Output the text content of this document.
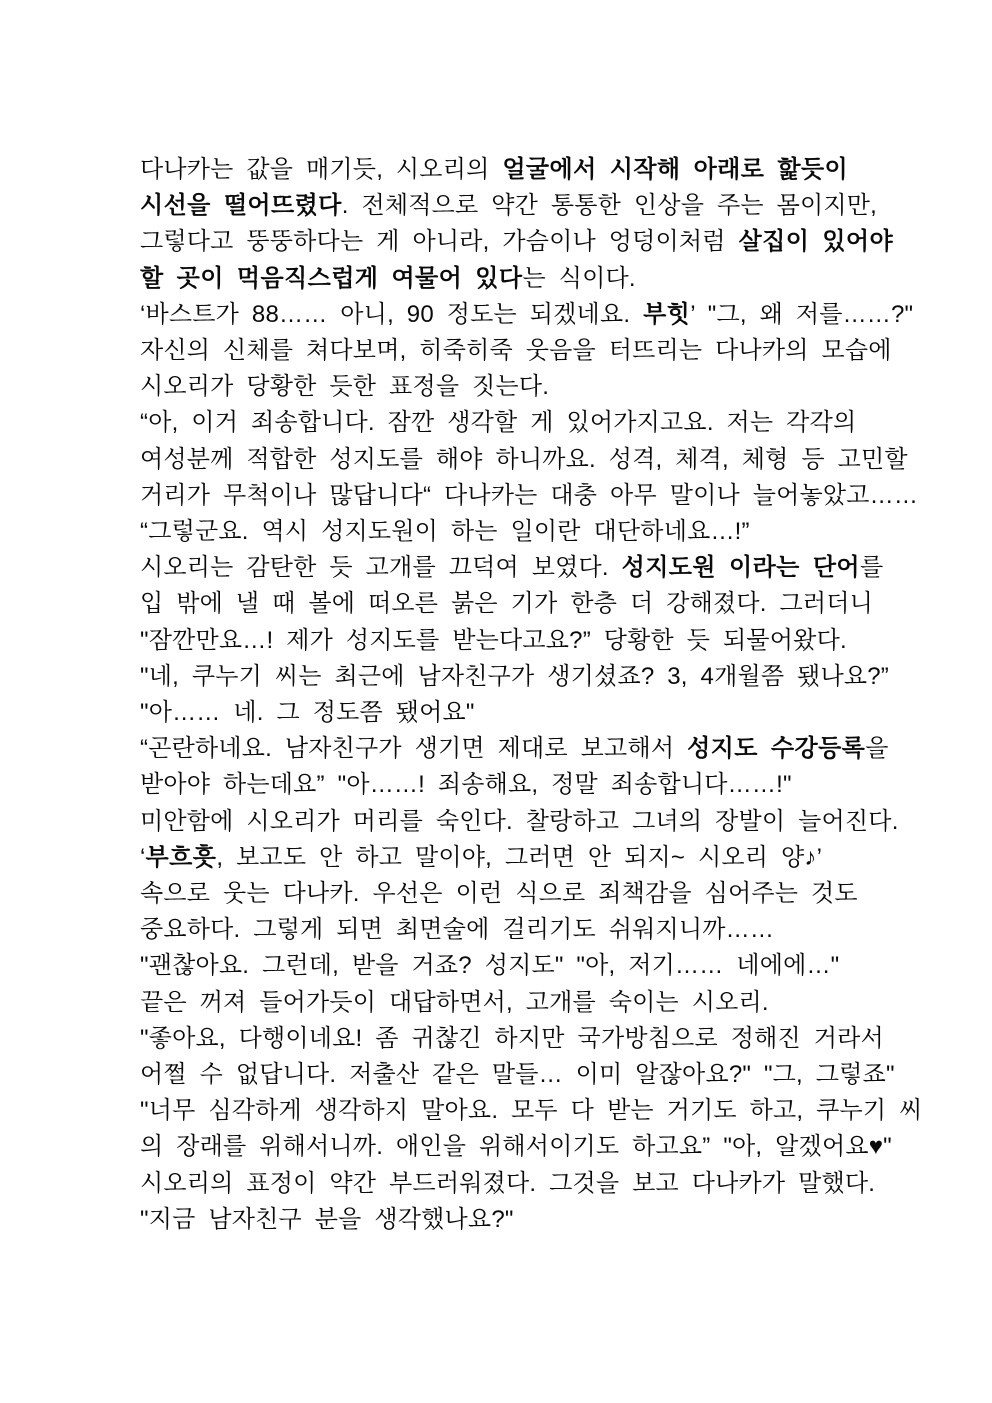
다나카는 값을 매기듯, 시오리의 얼굴에서 시작해 아래로 핥듯이
시선을 떨어뜨렸다. 전체적으로 약간 통통한 인상을 주는 몸이지만,
그렇다고 뚱뚱하다는 게 아니라, 가슴이나 엉덩이처럼 살집이 있어야
할 곳이 먹음직스럽게 여물어 있다는 식이다.
‘바스트가 88…… 아니, 90 정도는 되겠네요. 부힛’ "그, 왜 저를……?"
자신의 신체를 쳐다보며, 히죽히죽 웃음을 터뜨리는 다나카의 모습에
시오리가 당황한 듯한 표정을 짓는다.
“아, 이거 죄송합니다. 잠깐 생각할 게 있어가지고요. 저는 각각의
여성분께 적합한 성지도를 해야 하니까요. 성격, 체격, 체형 등 고민할
거리가 무척이나 많답니다“ 다나카는 대충 아무 말이나 늘어놓았고……
“그렇군요. 역시 성지도원이 하는 일이란 대단하네요…!”
시오리는 감탄한 듯 고개를 끄덕여 보였다. 성지도원 이라는 단어를
입 밖에 낼 때 볼에 떠오른 붉은 기가 한층 더 강해졌다. 그러더니
"잠깐만요…! 제가 성지도를 받는다고요?” 당황한 듯 되물어왔다.
"네, 쿠누기 씨는 최근에 남자친구가 생기셨죠? 3, 4개월쯤 됐나요?”
"아…… 네. 그 정도쯤 됐어요"
“곤란하네요. 남자친구가 생기면 제대로 보고해서 성지도 수강등록을
받아야 하는데요” "아……! 죄송해요, 정말 죄송합니다……!"
미안함에 시오리가 머리를 숙인다. 찰랑하고 그녀의 장발이 늘어진다.
‘부흐흣, 보고도 안 하고 말이야, 그러면 안 되지~ 시오리 양♪’
속으로 웃는 다나카. 우선은 이런 식으로 죄책감을 심어주는 것도
중요하다. 그렇게 되면 최면술에 걸리기도 쉬워지니까……
"괜찮아요. 그런데, 받을 거죠? 성지도" "아, 저기…… 네에에…"
끝은 꺼져 들어가듯이 대답하면서, 고개를 숙이는 시오리.
"좋아요, 다행이네요! 좀 귀찮긴 하지만 국가방침으로 정해진 거라서
어쩔 수 없답니다. 저출산 같은 말들… 이미 알잖아요?" "그, 그렇죠"
"너무 심각하게 생각하지 말아요. 모두 다 받는 거기도 하고, 쿠누기 씨
의 장래를 위해서니까. 애인을 위해서이기도 하고요” "아, 알겠어요♥"
시오리의 표정이 약간 부드러워졌다. 그것을 보고 다나카가 말했다.
"지금 남자친구 분을 생각했나요?"
